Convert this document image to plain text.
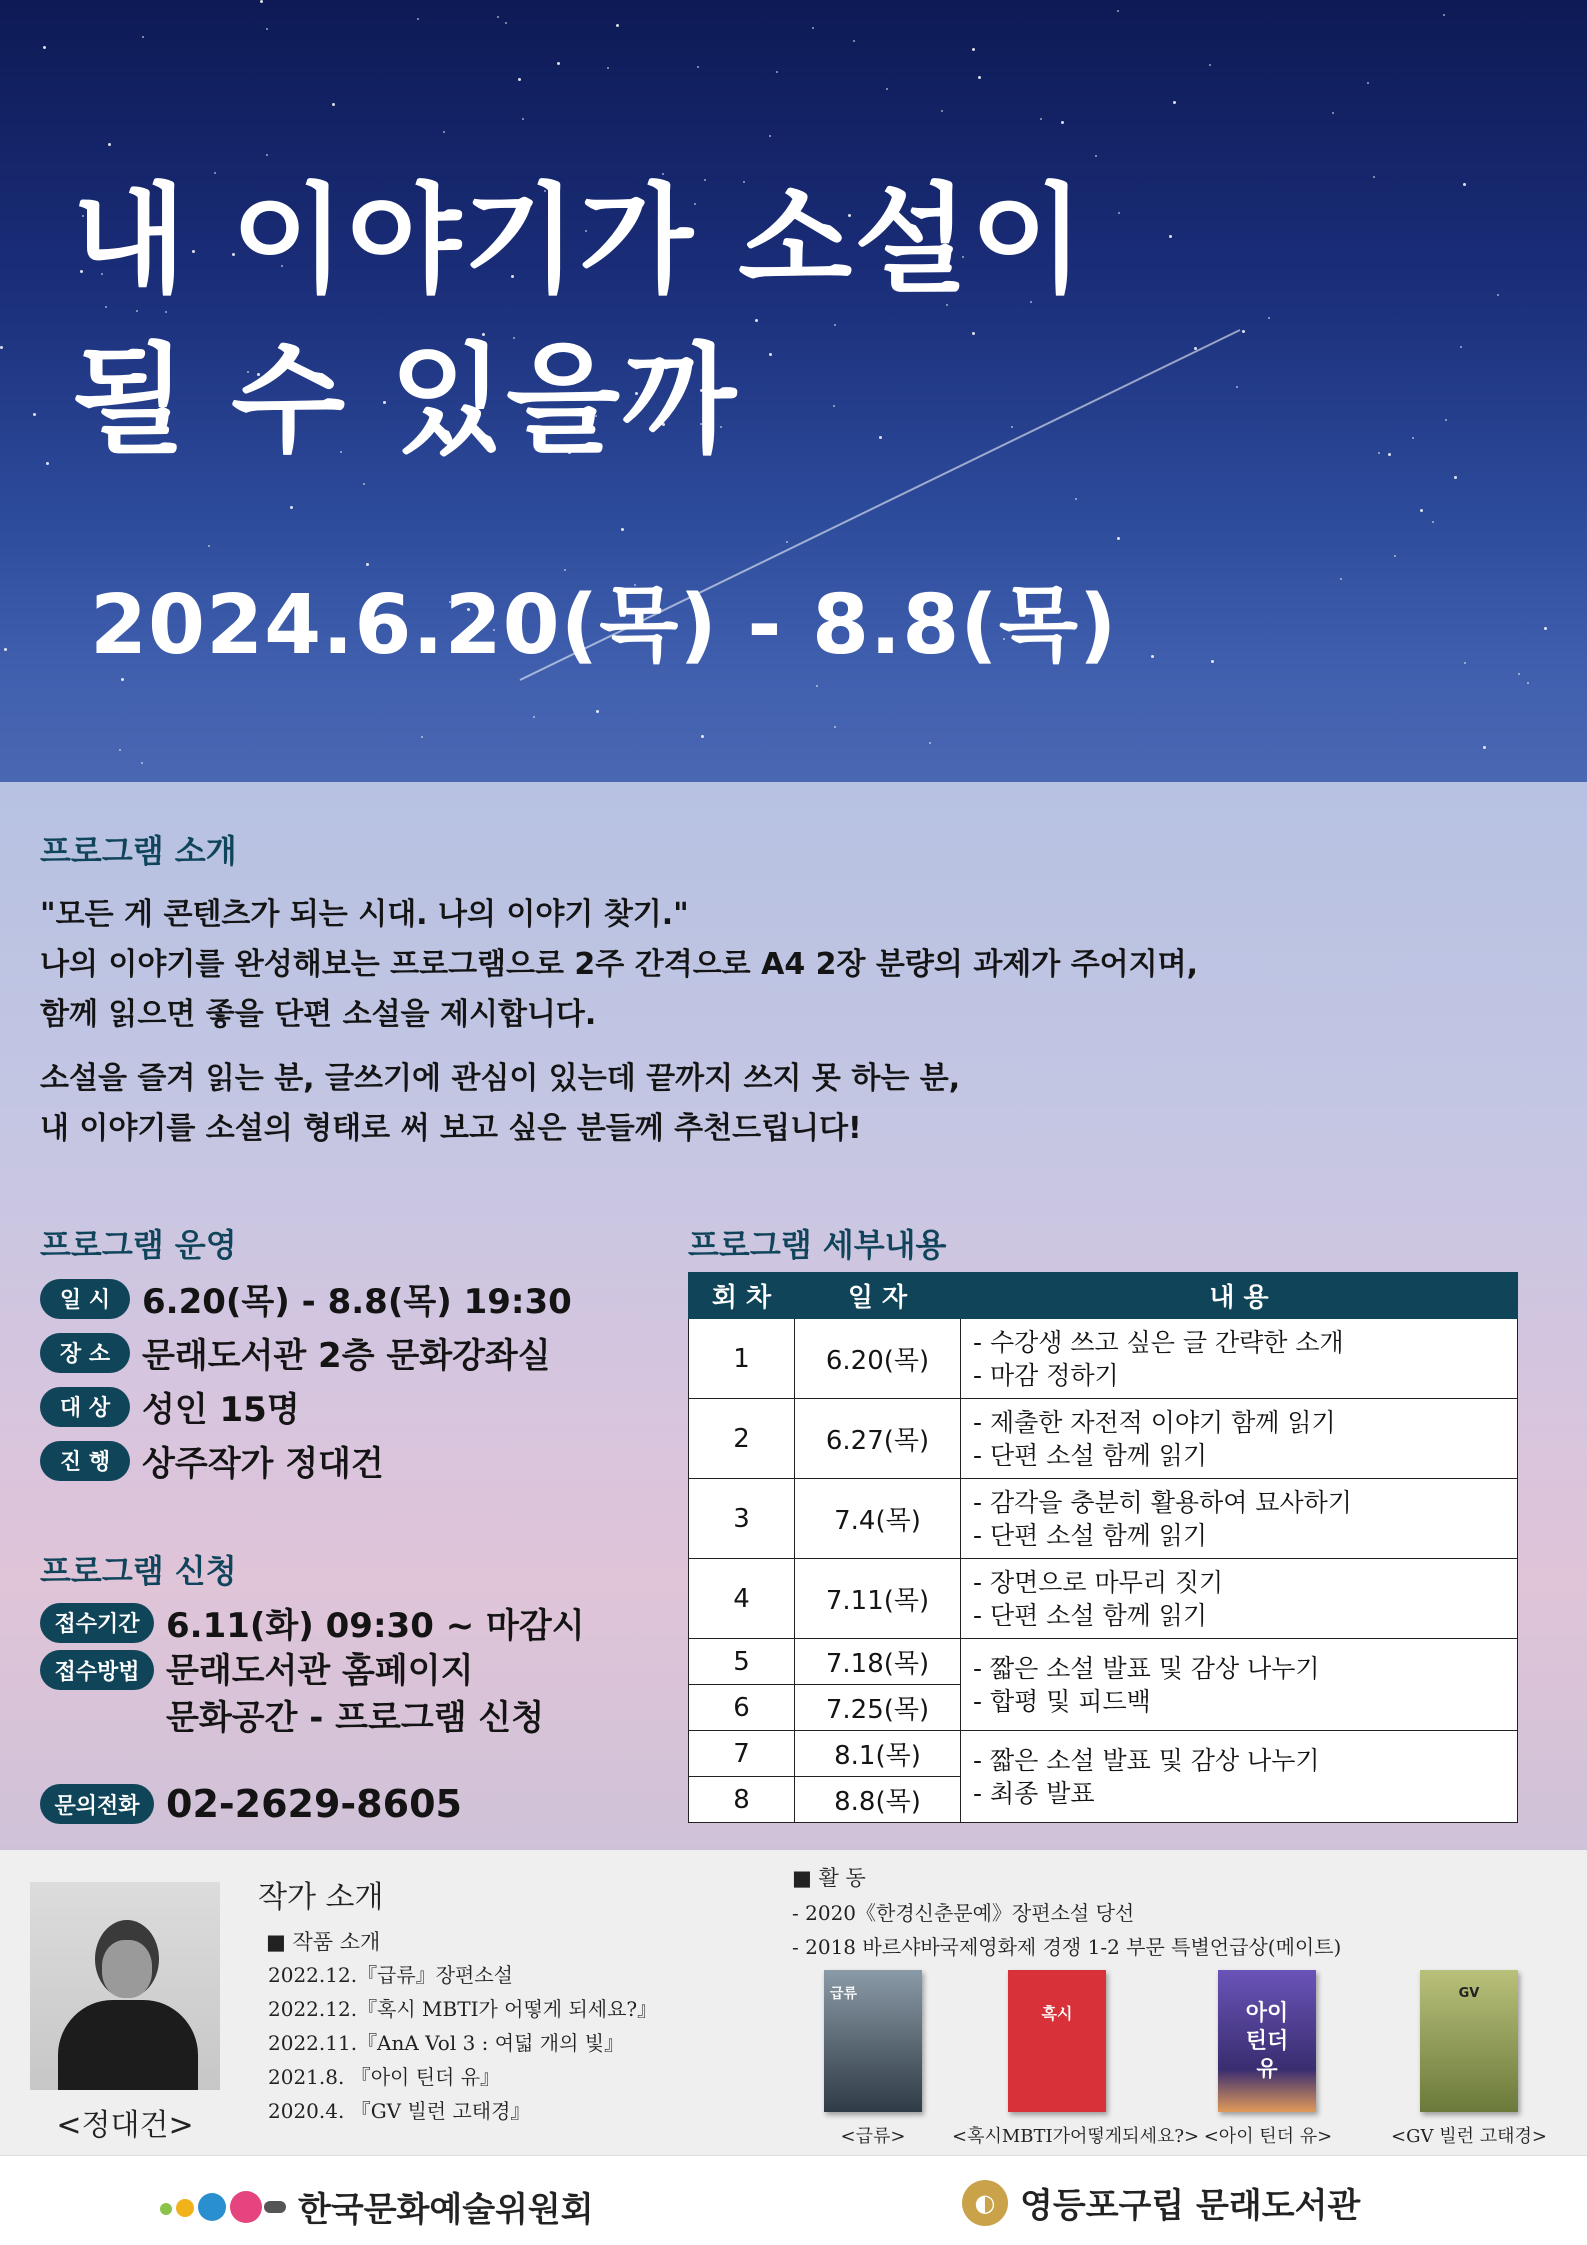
내 이야기가 소설이
될 수 있을까
2024.6.20(목) - 8.8(목)
프로그램 소개

"모든 게 콘텐츠가 되는 시대. 나의 이야기 찾기."

나의 이야기를 완성해보는 프로그램으로 2주 간격으로 A4 2장 분량의 과제가 주어지며,

함께 읽으면 좋을 단편 소설을 제시합니다.

소설을 즐겨 읽는 분, 글쓰기에 관심이 있는데 끝까지 쓰지 못 하는 분,

내 이야기를 소설의 형태로 써 보고 싶은 분들께 추천드립니다!

프로그램 운영
일 시 6.20(목) - 8.8(목) 19:30
장 소 문래도서관 2층 문화강좌실
대 상 성인 15명
진 행 상주작가 정대건
프로그램 신청
접수기간 6.11(화) 09:30 ~ 마감시
접수방법 문래도서관 홈페이지
문화공간 - 프로그램 신청
문의전화 02-2629-8605
프로그램 세부내용
회 차	일 자	내 용
1	6.20(목)	- 수강생 쓰고 싶은 글 간략한 소개
- 마감 정하기

2	6.27(목)	- 제출한 자전적 이야기 함께 읽기
- 단편 소설 함께 읽기

3	7.4(목)	- 감각을 충분히 활용하여 묘사하기
- 단편 소설 함께 읽기

4	7.11(목)	- 장면으로 마무리 짓기
- 단편 소설 함께 읽기

5	7.18(목)	- 짧은 소설 발표 및 감상 나누기
- 합평 및 피드백

6	7.25(목)	
7	8.1(목)	- 짧은 소설 발표 및 감상 나누기
- 최종 발표

8	8.8(목)	
<정대건>
작가 소개
■ 작품 소개
2022.12.『급류』장편소설
2022.12.『혹시 MBTI가 어떻게 되세요?』
2022.11.『AnA Vol 3 : 여덟 개의 빛』
2021.8. 『아이 틴더 유』
2020.4. 『GV 빌런 고태경』
■ 활 동
- 2020《한경신춘문예》장편소설 당선
- 2018 바르샤바국제영화제 경쟁 1-2 부문 특별언급상(메이트)
급류
<급류>
혹시
<혹시MBTI가어떻게되세요?>
아이
틴더
유
<아이 틴더 유>
GV
<GV 빌런 고태경>
한국문화예술위원회	◐ 영등포구립 문래도서관
